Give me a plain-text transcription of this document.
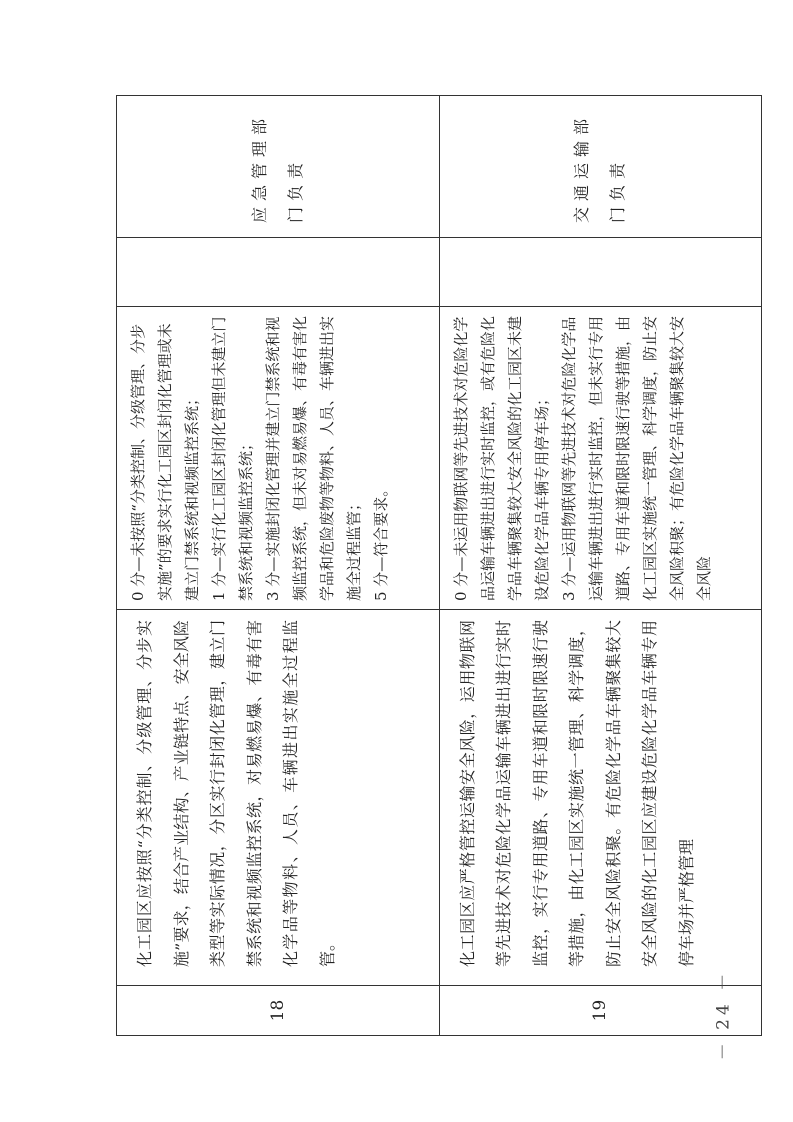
18	化工园区应按照“分类控制、分级管理、分步实施”要求，结合产业结构、产业链特点、安全风险类型等实际情况，分区实行封闭化管理，建立门禁系统和视频监控系统，对易燃易爆、有毒有害化学品等物料、人员、车辆进出实施全过程监管。	0 分—未按照“分类控制、分级管理、分步实施”的要求实行化工园区封闭化管理或未建立门禁系统和视频监控系统； 1 分—实行化工园区封闭化管理但未建立门禁系统和视频监控系统； 3 分—实施封闭化管理并建立门禁系统和视频监控系统，但未对易燃易爆、有毒有害化学品和危险废物等物料、人员、车辆进出实施全过程监管； 5 分—符合要求。		应急管理部门负责
19	化工园区应严格管控运输安全风险，运用物联网等先进技术对危险化学品运输车辆进出进行实时监控，实行专用道路、专用车道和限时限速行驶等措施，由化工园区实施统一管理、科学调度，防止安全风险积聚。有危险化学品车辆聚集较大安全风险的化工园区应建设危险化学品车辆专用停车场并严格管理	0 分—未运用物联网等先进技术对危险化学品运输车辆进出进行实时监控，或有危险化学品车辆聚集较大安全风险的化工园区未建设危险化学品车辆专用停车场； 3 分—运用物联网等先进技术对危险化学品运输车辆进出进行实时监控，但未实行专用道路、专用车道和限时限速行驶等措施，由化工园区实施统一管理、科学调度，防止安全风险积聚；有危险化学品车辆聚集较大安全风险		交通运输部门负责
－ 24 －
